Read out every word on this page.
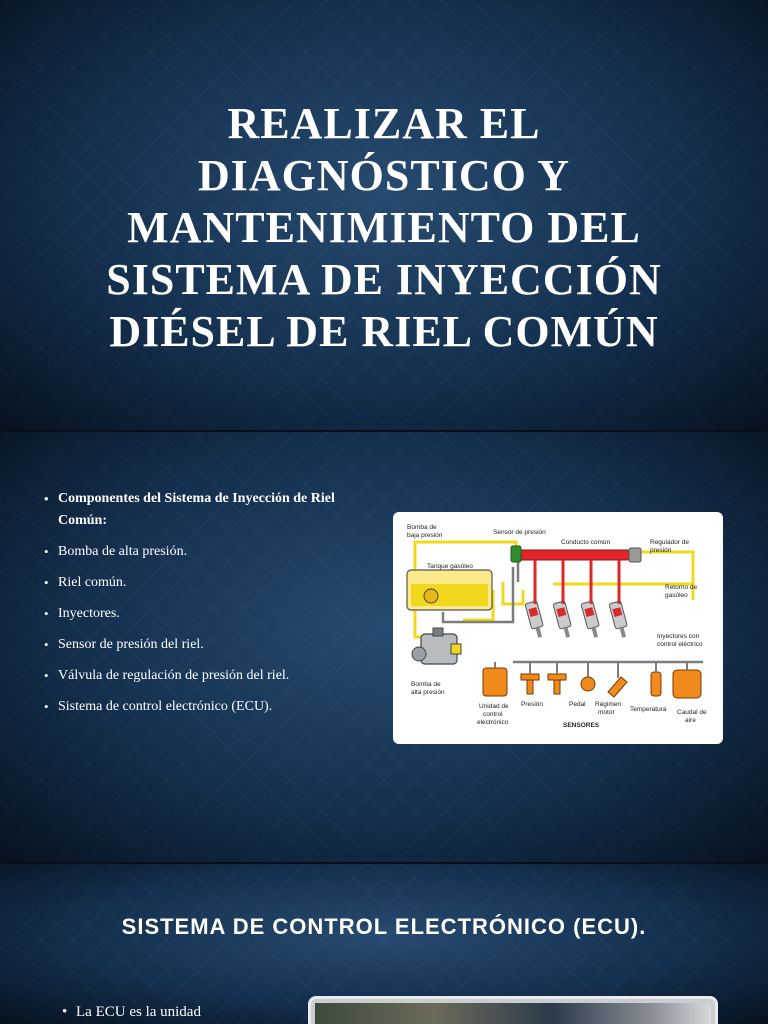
REALIZAR EL DIAGNÓSTICO Y MANTENIMIENTO DEL SISTEMA DE INYECCIÓN DIÉSEL DE RIEL COMÚN
• Componentes del Sistema de Inyección de Riel Común:
• Bomba de alta presión.
• Riel común.
• Inyectores.
• Sensor de presión del riel.
• Válvula de regulación de presión del riel.
• Sistema de control electrónico (ECU).
Tanque gasóleo
Bomba de
baja presión	Sensor de presión
Conducto común	Regulador de
presión
Retorno de
gasóleo
Inyectores con
control eléctrico
Bomba de
alta presión
Unidad de
control
electrónico
Presión	Pedal Régimen
motor Temperatura Caudal de
aire
SENSORES
SISTEMA DE CONTROL ELECTRÓNICO (ECU).

• La ECU es la unidad
